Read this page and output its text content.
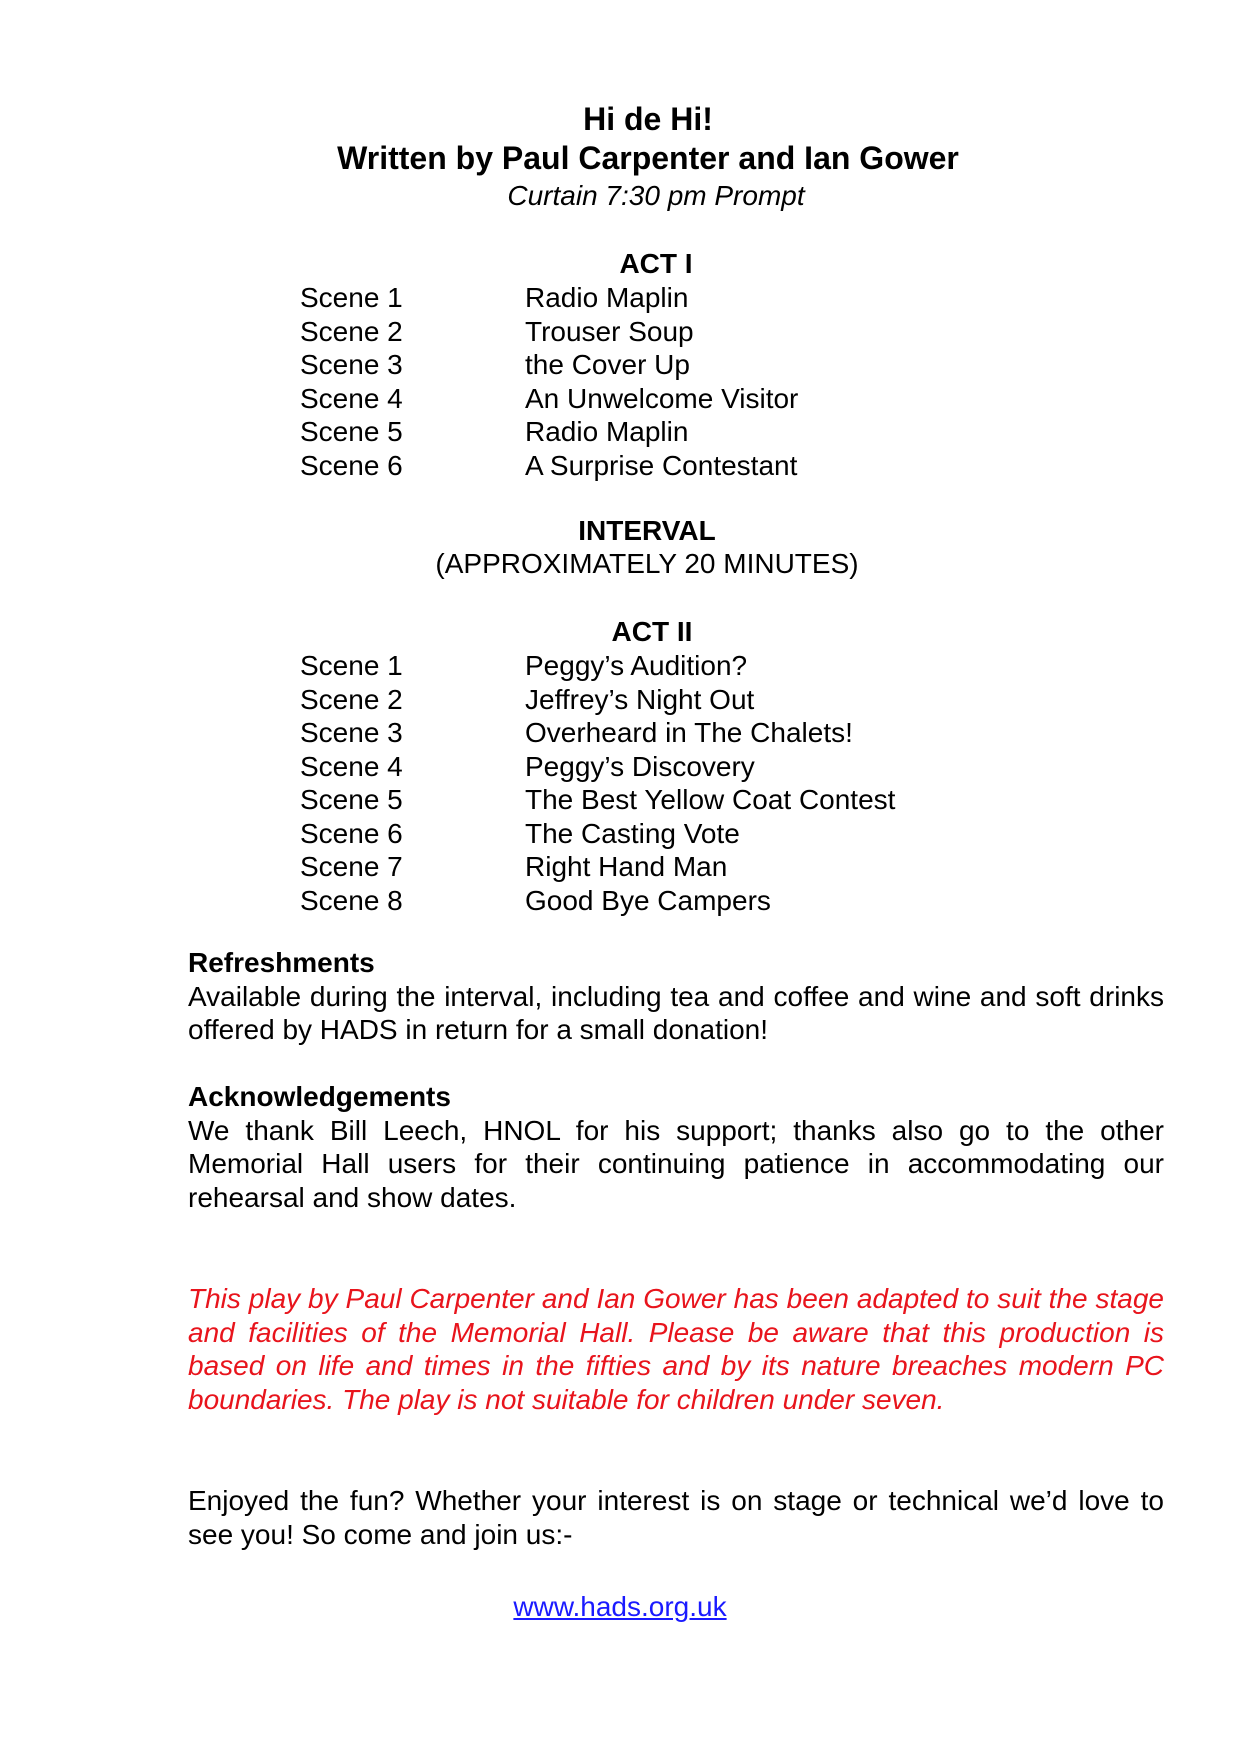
Hi de Hi!
Written by Paul Carpenter and Ian Gower
Curtain 7:30 pm Prompt
ACT I
Scene 1	Radio Maplin
Scene 2	Trouser Soup
Scene 3	the Cover Up
Scene 4	An Unwelcome Visitor
Scene 5	Radio Maplin
Scene 6	A Surprise Contestant
INTERVAL
(APPROXIMATELY 20 MINUTES)
ACT II
Scene 1	Peggy’s Audition?
Scene 2	Jeffrey’s Night Out
Scene 3	Overheard in The Chalets!
Scene 4	Peggy’s Discovery
Scene 5	The Best Yellow Coat Contest
Scene 6	The Casting Vote
Scene 7	Right Hand Man
Scene 8	Good Bye Campers
Refreshments

Available during the interval, including tea and coffee and wine and soft drinks offered by HADS in return for a small donation!

Acknowledgements

We thank Bill Leech, HNOL for his support; thanks also go to the other Memorial Hall users for their continuing patience in accommodating our rehearsal and show dates.

This play by Paul Carpenter and Ian Gower has been adapted to suit the stage and facilities of the Memorial Hall. Please be aware that this production is based on life and times in the fifties and by its nature breaches modern PC boundaries. The play is not suitable for children under seven.

Enjoyed the fun? Whether your interest is on stage or technical we’d love to see you! So come and join us:-

www.hads.org.uk
